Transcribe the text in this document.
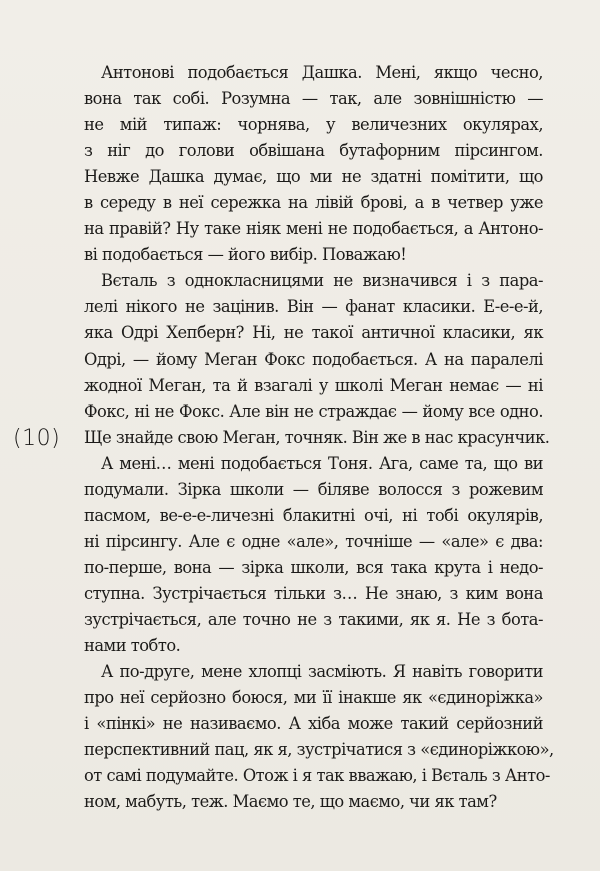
(10)
Антонові подобається Дашка. Мені, якщо чесно,
вона так собі. Розумна — так, але зовнішністю —
не мій типаж: чорнява, у величезних окулярах,
з ніг до голови обвішана бутафорним пірсингом.
Невже Дашка думає, що ми не здатні помітити, що
в середу в неї сережка на лівій брові, а в четвер уже
на правій? Ну таке ніяк мені не подобається, а Антоно-
ві подобається — його вибір. Поважаю!
Вєталь з однокласницями не визначився і з пара-
лелі нікого не зацінив. Він — фанат класики. Е-е-е-й,
яка Одрі Хепберн? Ні, не такої античної класики, як
Одрі, — йому Меган Фокс подобається. А на паралелі
жодної Меган, та й взагалі у школі Меган немає — ні
Фокс, ні не Фокс. Але він не страждає — йому все одно.
Ще знайде свою Меган, точняк. Він же в нас красунчик.
А мені… мені подобається Тоня. Ага, саме та, що ви
подумали. Зірка школи — біляве волосся з рожевим
пасмом, ве-е-е-личезні блакитні очі, ні тобі окулярів,
ні пірсингу. Але є одне «але», точніше — «але» є два:
по-перше, вона — зірка школи, вся така крута і недо-
ступна. Зустрічається тільки з… Не знаю, з ким вона
зустрічається, але точно не з такими, як я. Не з бота-
нами тобто.
А по-друге, мене хлопці засміють. Я навіть говорити
про неї серйозно боюся, ми її інакше як «єдиноріжка»
і «пінкі» не називаємо. А хіба може такий серйозний
перспективний пац, як я, зустрічатися з «єдиноріжкою»,
от самі подумайте. Отож і я так вважаю, і Вєталь з Анто-
ном, мабуть, теж. Маємо те, що маємо, чи як там?
